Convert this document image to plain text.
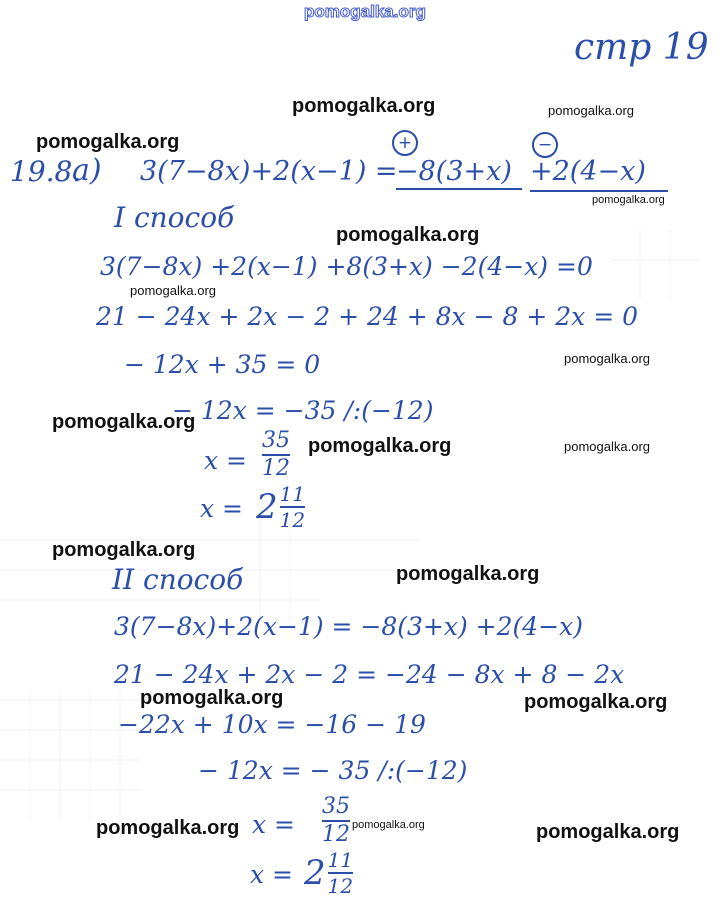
pomogalka.org
стр 19
19.8.
а) 3(7−8x)+2(x−1) =
−8(3+x) +2(4−x)
+	−
I способ
3(7−8x) +2(x−1) +8(3+x) −2(4−x) =0
21 − 24x + 2x − 2 + 24 + 8x − 8 + 2x = 0
− 12x + 35 = 0
− 12x = −35 /:(−12)
x =
35
12
$x = 2 \frac{11}{12}$
II способ
3(7−8x)+2(x−1) = −8(3+x) +2(4−x)
21 − 24x + 2x − 2 = −24 − 8x + 8 − 2x
−22x + 10x = −16 − 19
− 12x = − 35 /:(−12)
x =
35
12
$x = 2 \frac{11}{12}$
pomogalka.org	pomogalka.org
pomogalka.org
pomogalka.org
pomogalka.org
pomogalka.org
pomogalka.org
pomogalka.org
pomogalka.org	pomogalka.org
pomogalka.org
pomogalka.org
pomogalka.org	pomogalka.org
pomogalka.org	pomogalka.org	pomogalka.org
